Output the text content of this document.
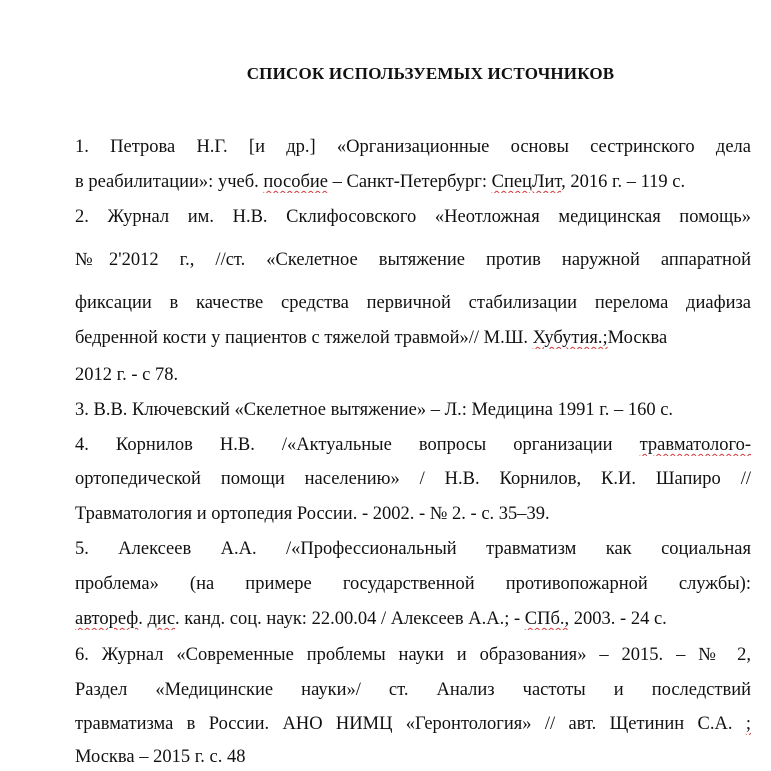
СПИСОК ИСПОЛЬЗУЕМЫХ ИСТОЧНИКОВ
1. Петрова Н.Г. [и др.] «Организационные основы сестринского дела
в реабилитации»: учеб. пособие – Санкт-Петербург: СпецЛит, 2016 г. – 119 с.
2. Журнал им. Н.В. Склифосовского «Неотложная медицинская помощь»
№2'2012 г., //ст. «Скелетное вытяжение против наружной аппаратной
фиксации в качестве средства первичной стабилизации перелома диафиза
бедренной кости у пациентов с тяжелой травмой»// М.Ш. Хубутия.;Москва
2012 г. - с 78.
3. В.В. Ключевский «Скелетное вытяжение» – Л.: Медицина 1991 г. – 160 с.
4. Корнилов Н.В. /«Актуальные вопросы организации травматолого-
ортопедической помощи населению» / Н.В. Корнилов, К.И. Шапиро //
Травматология и ортопедия России. - 2002. - № 2. - с. 35–39.
5. Алексеев А.А. /«Профессиональный травматизм как социальная
проблема» (на примере государственной противопожарной службы):
автореф. дис. канд. соц. наук: 22.00.04 / Алексеев А.А.; - СПб., 2003. - 24 с.
6. Журнал «Современные проблемы науки и образования» – 2015. – № 2,
Раздел «Медицинские науки»/ ст. Анализ частоты и последствий
травматизма в России. АНО НИМЦ «Геронтология» // авт. Щетинин С.А. ;
Москва – 2015 г. с. 48
